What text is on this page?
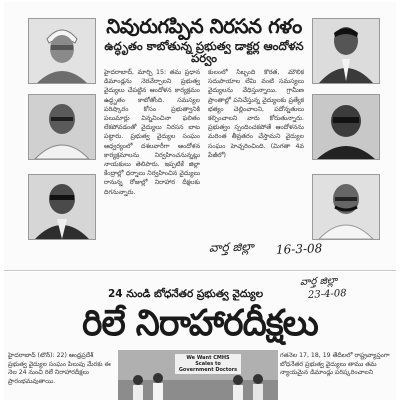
నివురుగప్పిన నిరసన గళం
ఉద్ధృతం కాబోతున్న ప్రభుత్వ డాక్టర్ల ఆందోళన పర్వం

హైదరాబాద్, మార్చి 15: తమ ప్రధాన డిమాండ్లను నెరవేర్చాలని ప్రభుత్వ వైద్యులు చేపట్టిన ఆందోళన కార్యక్రమం ఉద్ధృతం కాబోతోంది. సమస్యల పరిష్కారం కోసం ప్రభుత్వానికి పలుమార్లు విన్నవించినా ఫలితం లేకపోవడంతో వైద్యులు నిరసన బాట పట్టారు. ప్రభుత్వ వైద్యుల సంఘం ఆధ్వర్యంలో దశలవారీగా ఆందోళన కార్యక్రమాలను నిర్వహించనున్నట్లు నాయకులు తెలిపారు. ఇప్పటికే జిల్లా కేంద్రాల్లో ధర్నాలు నిర్వహించిన వైద్యులు రానున్న రోజుల్లో నిరాహార దీక్షలకు దిగనున్నారు.

కులంలో సిబ్బంది కొరత, మౌలిక సదుపాయాల లేమి వంటి సమస్యలు వైద్యులను వేధిస్తున్నాయి. గ్రామీణ ప్రాంతాల్లో పనిచేస్తున్న వైద్యులకు ప్రత్యేక భత్యం చెల్లించాలని, పదోన్నతులు కల్పించాలని వారు కోరుతున్నారు. ప్రభుత్వం స్పందించకపోతే ఆందోళనను మరింత తీవ్రతరం చేస్తామని వైద్యుల సంఘం హెచ్చరించింది. (మిగతా 4వ పేజీలో)

వార్త జిల్లా 16-3-08
వార్త జిల్లా
23-4-08
24 నుండి బోధనేతర ప్రభుత్వ వైద్యుల
రిలే నిరాహారదీక్షలు
హైదరాబాద్ (టౌన్): 22) ఆంధ్రప్రదేశ్ ప్రభుత్వ వైద్యుల సంఘం పిలుపు మేరకు ఈ నెల 24 నుంచి రిలే నిరాహారదీక్షలు ప్రారంభమవుతాయి.
We Want CMHS Scales to Government Doctors
గతనెల 17, 18, 19 తేదీలలో రాష్ట్రవ్యాప్తంగా బోధనేతర ప్రభుత్వ వైద్యులు తాము తమ న్యాయమైన డిమాండ్లు పరిష్కరించాలని
